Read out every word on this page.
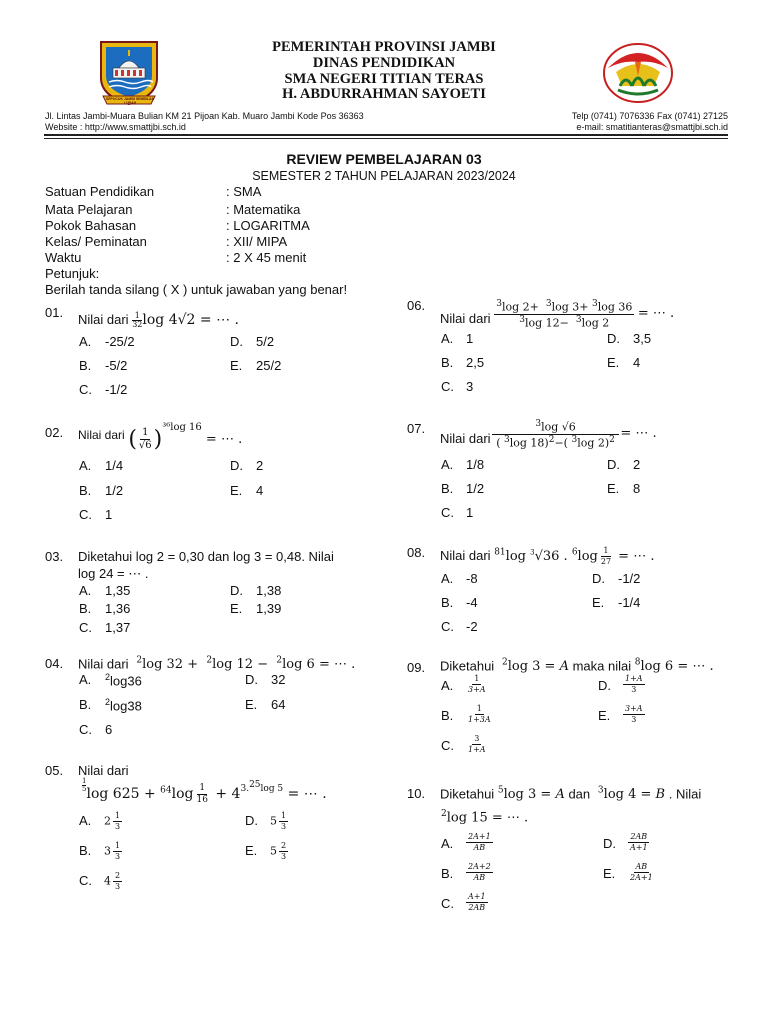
SEPUCUK JAMBI SEMBILAN LURAH
PEMERINTAH PROVINSI JAMBI
DINAS PENDIDIKAN
SMA NEGERI TITIAN TERAS
H. ABDURRAHMAN SAYOETI
Jl. Lintas Jambi-Muara Bulian KM 21 Pijoan Kab. Muaro Jambi Kode Pos 36363
Website : http://www.smattjbi.sch.id
Telp (0741) 7076336 Fax (0741) 27125
e-mail: smatitianteras@smattjbi.sch.id
REVIEW PEMBELAJARAN 03
SEMESTER 2 TAHUN PELAJARAN 2023/2024
Satuan Pendidikan	: SMA
Mata Pelajaran	: Matematika
Pokok Bahasan	: LOGARITMA
Kelas/ Peminatan	: XII/ MIPA
Waktu	: 2 X 45 menit
Petunjuk:
Berilah tanda silang ( X ) untuk jawaban yang benar!
01. Nilai dari $\frac{1}{32}$ log 4√2 = ⋯ .
A. -25/2	D. 5/2
B. -5/2	E. 25/2
C. -1/2
02. Nilai dari ( $\frac{1}{√6} )^{^{36}log 16}$ = ⋯ .
A. 1/4	D. 2
B. 1/2	E. 4
C. 1
03. Diketahui log 2 = 0,30 dan log 3 = 0,48. Nilai
log 24 = ⋯ .
A. 1,35	D. 1,38
B. 1,36	E. 1,39
C. 1,37
04. Nilai dari $^2$log 32 +  $^2$log 12 −  $^2$log 6 = ⋯ .
A. $^2$log36	D. 32
B. $^2$log38	E. 64
C. 6
05. Nilai dari
$\frac{1}{5}$
$\log 625 + ^{64}\log \frac{1}{16} + 4^{3.^{25}log 5}$ = ⋯ .
A. $2 \frac{1}{3}$	D. $5 \frac{1}{3}$
B. $3 \frac{1}{3}$	E. $5 \frac{2}{3}$
C. $4 \frac{2}{3}$
06.
Nilai dari $\frac{^3\log 2+ ^3\log 3+ ^3\log 36}{^3\log 12- ^3\log 2}$ = ⋯ .
A. 1	D. 3,5
B. 2,5	E. 4
C. 3
07.
Nilai dari $\frac{^3\log √6}{( ^3\log 18)^2-( ^3\log 2)^2}$ = ⋯ .
A. 1/8	D. 2
B. 1/2	E. 8
C. 1
08. Nilai dari $^{81}$log $^3$√36 . $^6\log \frac{1}{27}$ = ⋯ .
A. -8	D. -1/2
B. -4	E. -1/4
C. -2
09. Diketahui $^2$log 3 = A maka nilai $^8$log 6 = ⋯ .
A. $\frac{1}{3+A}$	D. $\frac{1+A}{3}$
B. $\frac{1}{1+3A}$	E. $\frac{3+A}{3}$
C. $\frac{3}{1+A}$
10. Diketahui $^5$log 3 = A dan $^3$log 4 = B . Nilai
$^2$log 15 = ⋯ .
A. $\frac{2A+1}{AB}$	D. $\frac{2AB}{A+1}$
B. $\frac{2A+2}{AB}$	E. $\frac{AB}{2A+1}$
C. $\frac{A+1}{2AB}$
